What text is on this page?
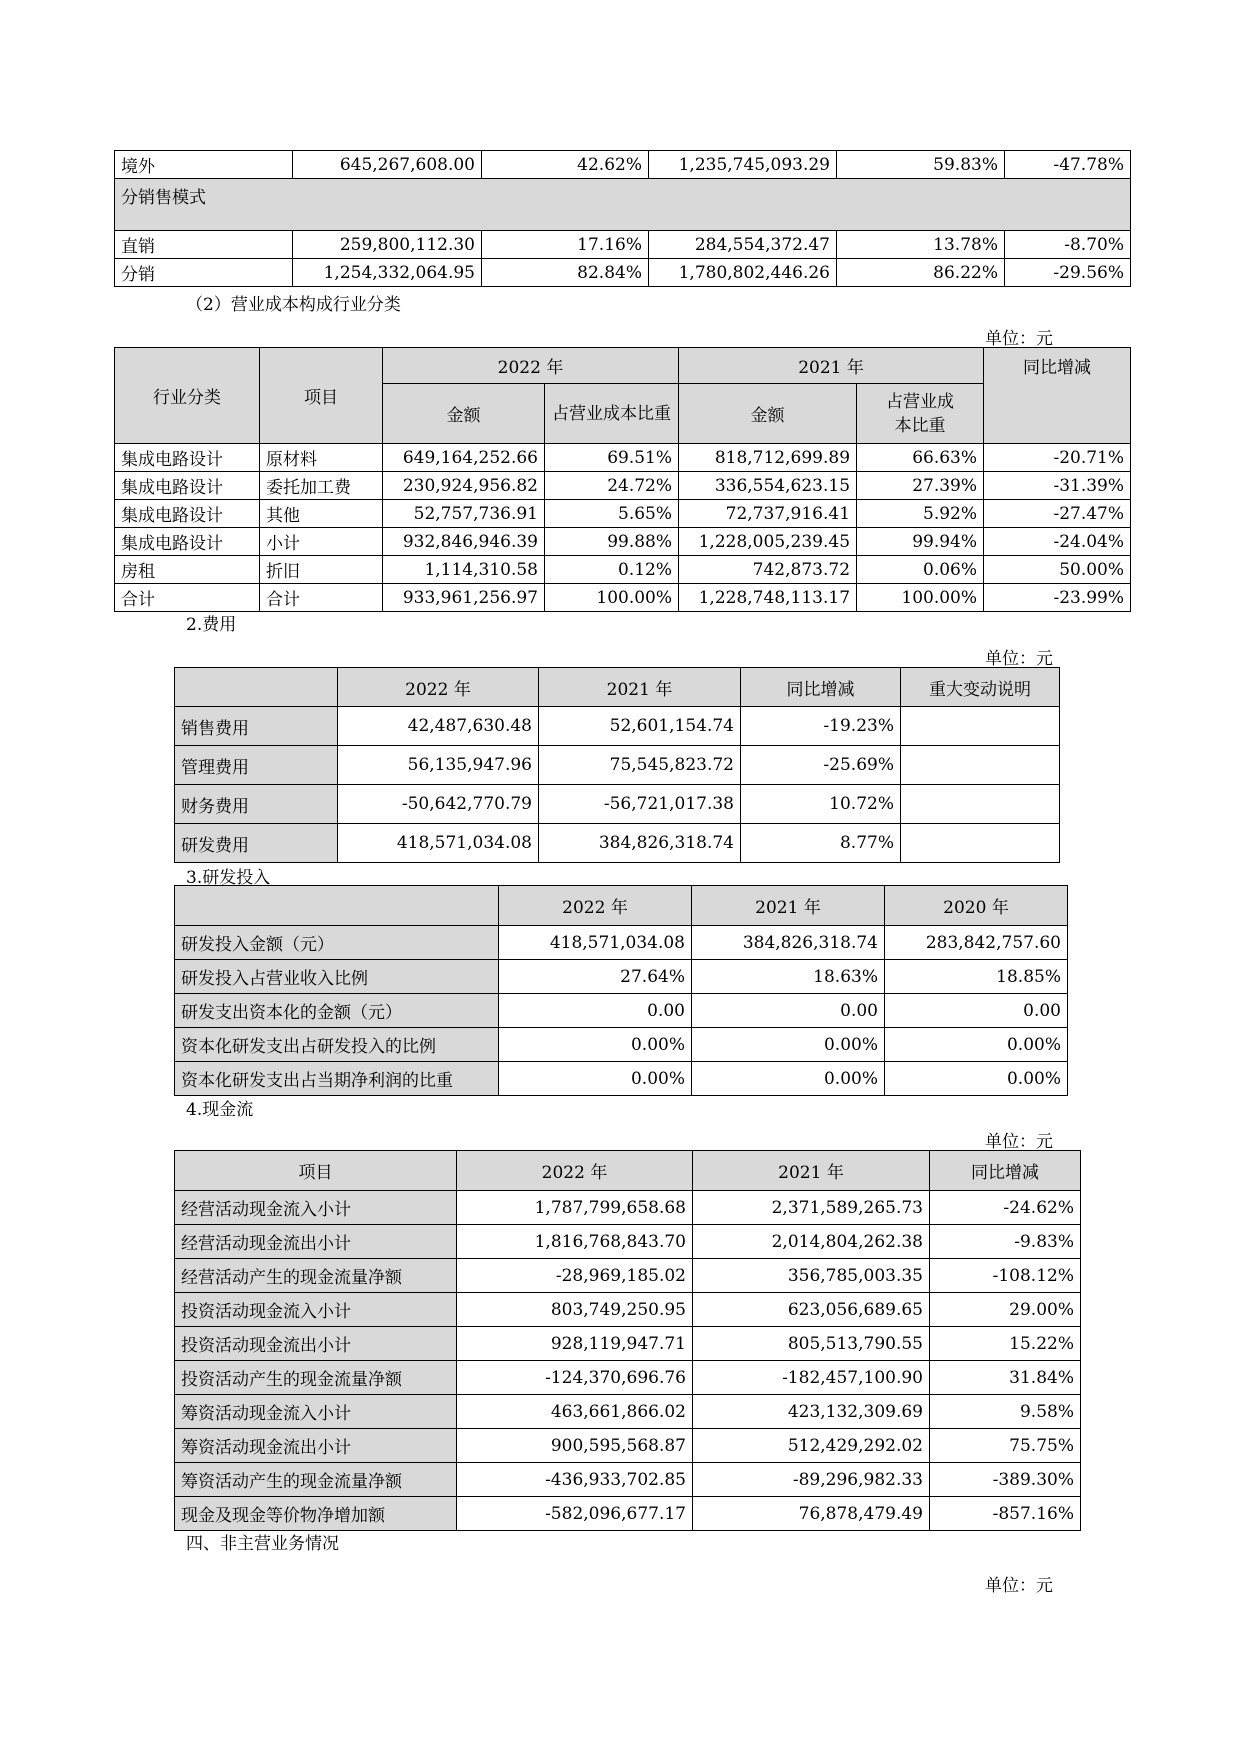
境外	645,267,608.00	42.62%	1,235,745,093.29	59.83%	-47.78%
分销售模式					
直销	259,800,112.30	17.16%	284,554,372.47	13.78%	-8.70%
分销	1,254,332,064.95	82.84%	1,780,802,446.26	86.22%	-29.56%
（2）营业成本构成行业分类
单位：元
行业分类	项目	2022 年		2021 年		同比增减
		金额	占营业成本比重	金额	占营业成本比重	
集成电路设计	原材料	649,164,252.66	69.51%	818,712,699.89	66.63%	-20.71%
集成电路设计	委托加工费	230,924,956.82	24.72%	336,554,623.15	27.39%	-31.39%
集成电路设计	其他	52,757,736.91	5.65%	72,737,916.41	5.92%	-27.47%
集成电路设计	小计	932,846,946.39	99.88%	1,228,005,239.45	99.94%	-24.04%
房租	折旧	1,114,310.58	0.12%	742,873.72	0.06%	50.00%
合计	合计	933,961,256.97	100.00%	1,228,748,113.17	100.00%	-23.99%
2.费用
单位：元
	2022 年	2021 年	同比增减	重大变动说明
销售费用	42,487,630.48	52,601,154.74	-19.23%	
管理费用	56,135,947.96	75,545,823.72	-25.69%	
财务费用	-50,642,770.79	-56,721,017.38	10.72%	
研发费用	418,571,034.08	384,826,318.74	8.77%	
3.研发投入
	2022 年	2021 年	2020 年
研发投入金额（元）	418,571,034.08	384,826,318.74	283,842,757.60
研发投入占营业收入比例	27.64%	18.63%	18.85%
研发支出资本化的金额（元）	0.00	0.00	0.00
资本化研发支出占研发投入的比例	0.00%	0.00%	0.00%
资本化研发支出占当期净利润的比重	0.00%	0.00%	0.00%
4.现金流
单位：元
项目	2022 年	2021 年	同比增减
经营活动现金流入小计	1,787,799,658.68	2,371,589,265.73	-24.62%
经营活动现金流出小计	1,816,768,843.70	2,014,804,262.38	-9.83%
经营活动产生的现金流量净额	-28,969,185.02	356,785,003.35	-108.12%
投资活动现金流入小计	803,749,250.95	623,056,689.65	29.00%
投资活动现金流出小计	928,119,947.71	805,513,790.55	15.22%
投资活动产生的现金流量净额	-124,370,696.76	-182,457,100.90	31.84%
筹资活动现金流入小计	463,661,866.02	423,132,309.69	9.58%
筹资活动现金流出小计	900,595,568.87	512,429,292.02	75.75%
筹资活动产生的现金流量净额	-436,933,702.85	-89,296,982.33	-389.30%
现金及现金等价物净增加额	-582,096,677.17	76,878,479.49	-857.16%
四、非主营业务情况
单位：元
